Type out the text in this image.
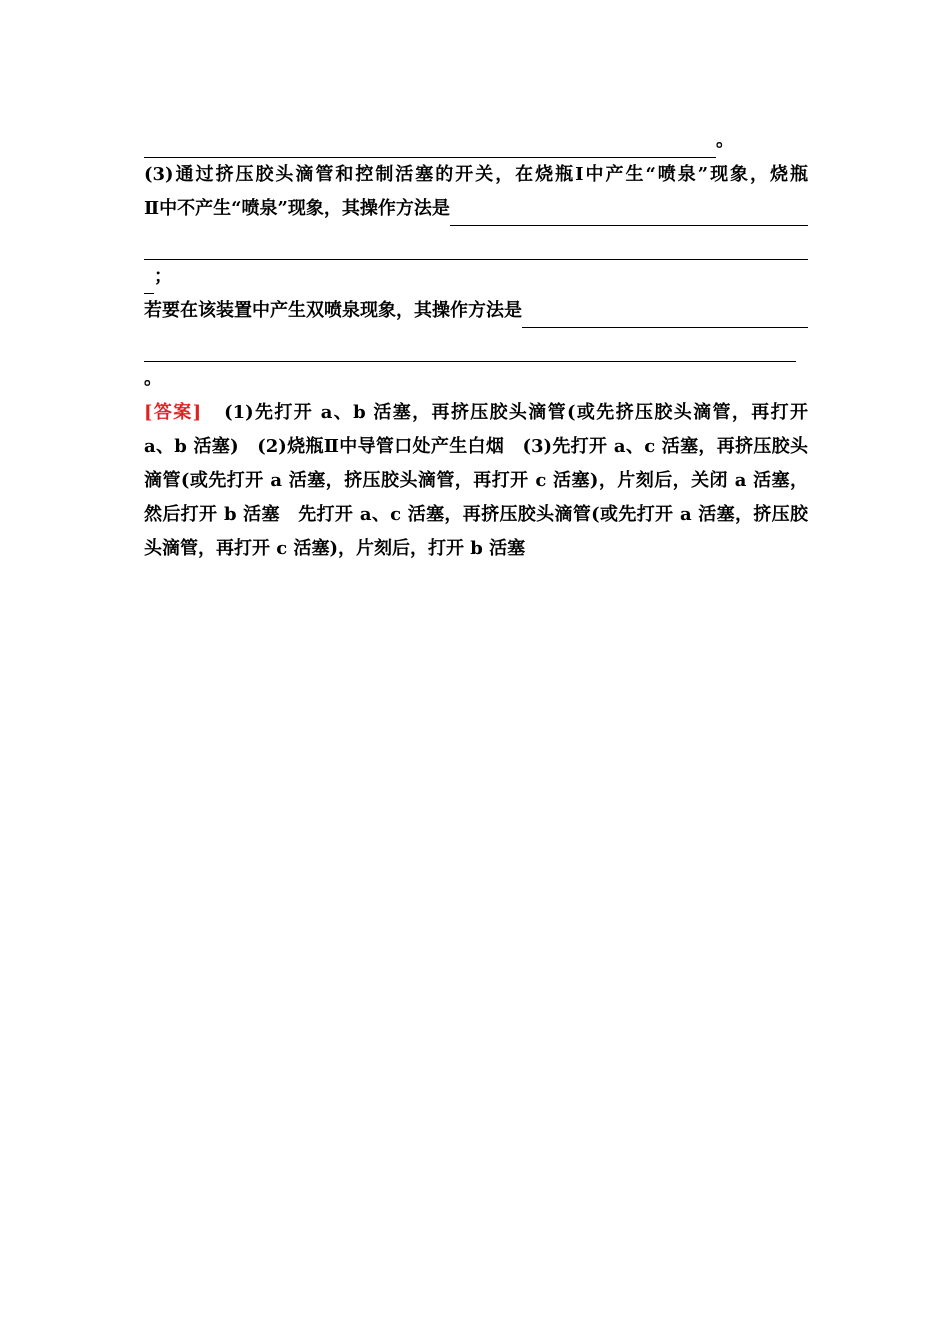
。
(3)通过挤压胶头滴管和控制活塞的开关，在烧瓶Ⅰ中产生“喷泉”现象，烧瓶
Ⅱ中不产生“喷泉”现象，其操作方法是
；
若要在该装置中产生双喷泉现象，其操作方法是
。
[答案] (1)先打开 a、b 活塞，再挤压胶头滴管(或先挤压胶头滴管，再打开
a、b 活塞)　(2)烧瓶Ⅱ中导管口处产生白烟　(3)先打开 a、c 活塞，再挤压胶头
滴管(或先打开 a 活塞，挤压胶头滴管，再打开 c 活塞)，片刻后，关闭 a 活塞，
然后打开 b 活塞　先打开 a、c 活塞，再挤压胶头滴管(或先打开 a 活塞，挤压胶
头滴管，再打开 c 活塞)，片刻后，打开 b 活塞
